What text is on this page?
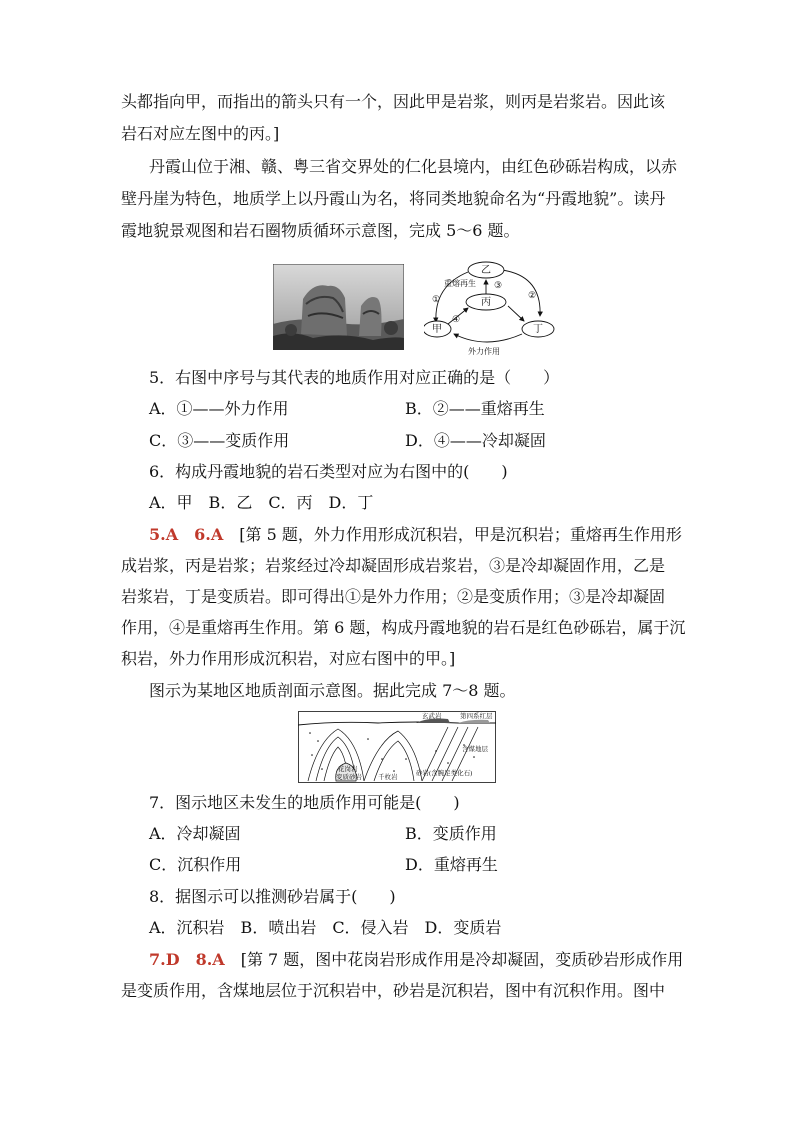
头都指向甲，而指出的箭头只有一个，因此甲是岩浆，则丙是岩浆岩。因此该
岩石对应左图中的丙。]
丹霞山位于湘、赣、粤三省交界处的仁化县境内，由红色砂砾岩构成，以赤
壁丹崖为特色，地质学上以丹霞山为名，将同类地貌命名为“丹霞地貌”。读丹
霞地貌景观图和岩石圈物质循环示意图，完成 5～6 题。
乙
丙
甲	丁
重熔再生
外力作用
①	②
③
④
5．右图中序号与其代表的地质作用对应正确的是（　　）
A．①——外力作用	B．②——重熔再生
C．③——变质作用	D．④——冷却凝固
6．构成丹霞地貌的岩石类型对应为右图中的(　　)
A．甲　B．乙　C．丙　D．丁
5.A　6.A　[第 5 题，外力作用形成沉积岩，甲是沉积岩；重熔再生作用形
成岩浆，丙是岩浆；岩浆经过冷却凝固形成岩浆岩，③是冷却凝固作用，乙是
岩浆岩，丁是变质岩。即可得出①是外力作用；②是变质作用；③是冷却凝固
作用，④是重熔再生作用。第 6 题，构成丹霞地貌的岩石是红色砂砾岩，属于沉
积岩，外力作用形成沉积岩，对应右图中的甲。]
图示为某地区地质剖面示意图。据此完成 7～8 题。
玄武岩	第四系红层
含煤地层
花岗岩
变质砂岩 千枚岩
砂岩(含腕足类化石)
7．图示地区未发生的地质作用可能是(　　)
A．冷却凝固	B．变质作用
C．沉积作用	D．重熔再生
8．据图示可以推测砂岩属于(　　)
A．沉积岩　B．喷出岩　C．侵入岩　D．变质岩
7.D　8.A　[第 7 题，图中花岗岩形成作用是冷却凝固，变质砂岩形成作用
是变质作用，含煤地层位于沉积岩中，砂岩是沉积岩，图中有沉积作用。图中
